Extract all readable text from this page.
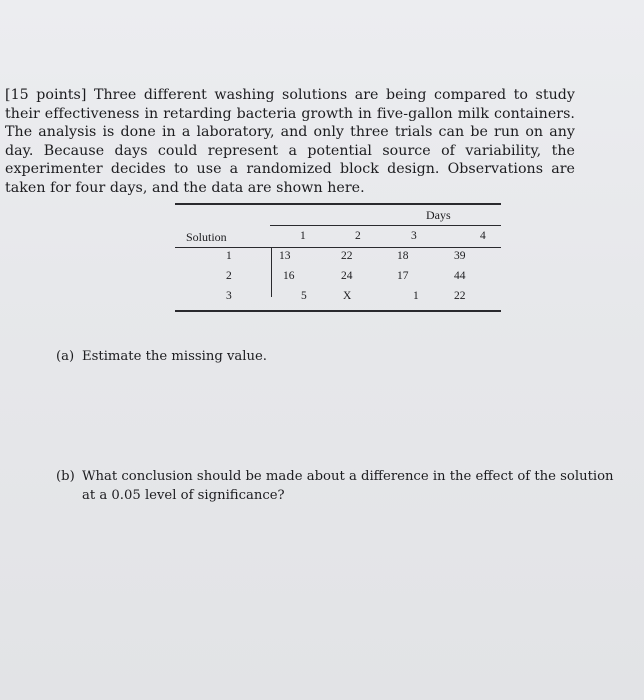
[15 points] Three different washing solutions are being compared to study their effectiveness in retarding bacteria growth in five-gallon milk containers. The analysis is done in a laboratory, and only three trials can be run on any day. Because days could represent a potential source of variability, the experimenter decides to use a randomized block design. Observations are taken for four days, and the data are shown here.
Days
Solution	1	2	3	4
1	13	22	18	39
2	16	24	17	44
3	5	X	1	22
(a) Estimate the missing value.
(b) What conclusion should be made about a difference in the effect of the solution
at a 0.05 level of significance?
